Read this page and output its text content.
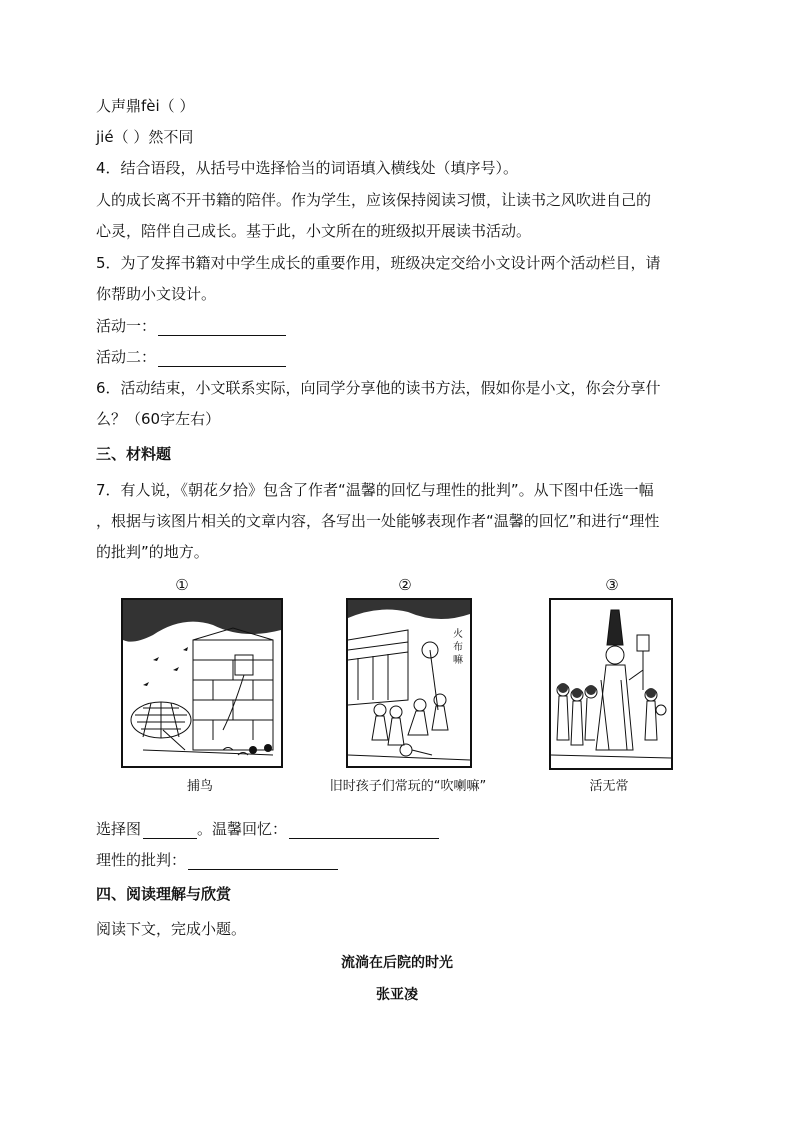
人声鼎fèi（ ）
jié（ ）然不同
4．结合语段，从括号中选择恰当的词语填入横线处（填序号）。
人的成长离不开书籍的陪伴。作为学生，应该保持阅读习惯，让读书之风吹进自己的
心灵，陪伴自己成长。基于此，小文所在的班级拟开展读书活动。
5．为了发挥书籍对中学生成长的重要作用，班级决定交给小文设计两个活动栏目，请
你帮助小文设计。
活动一：
活动二：
6．活动结束，小文联系实际，向同学分享他的读书方法，假如你是小文，你会分享什
么？（60字左右）
三、材料题
7．有人说，《朝花夕拾》包含了作者“温馨的回忆与理性的批判”。从下图中任选一幅
，根据与该图片相关的文章内容，各写出一处能够表现作者“温馨的回忆”和进行“理性
的批判”的地方。
①
捕鸟
②
火 布 嘛
旧时孩子们常玩的“吹喇嘛”
③
活无常
选择图	。温馨回忆：
理性的批判：
四、阅读理解与欣赏
阅读下文，完成小题。
流淌在后院的时光
张亚凌
